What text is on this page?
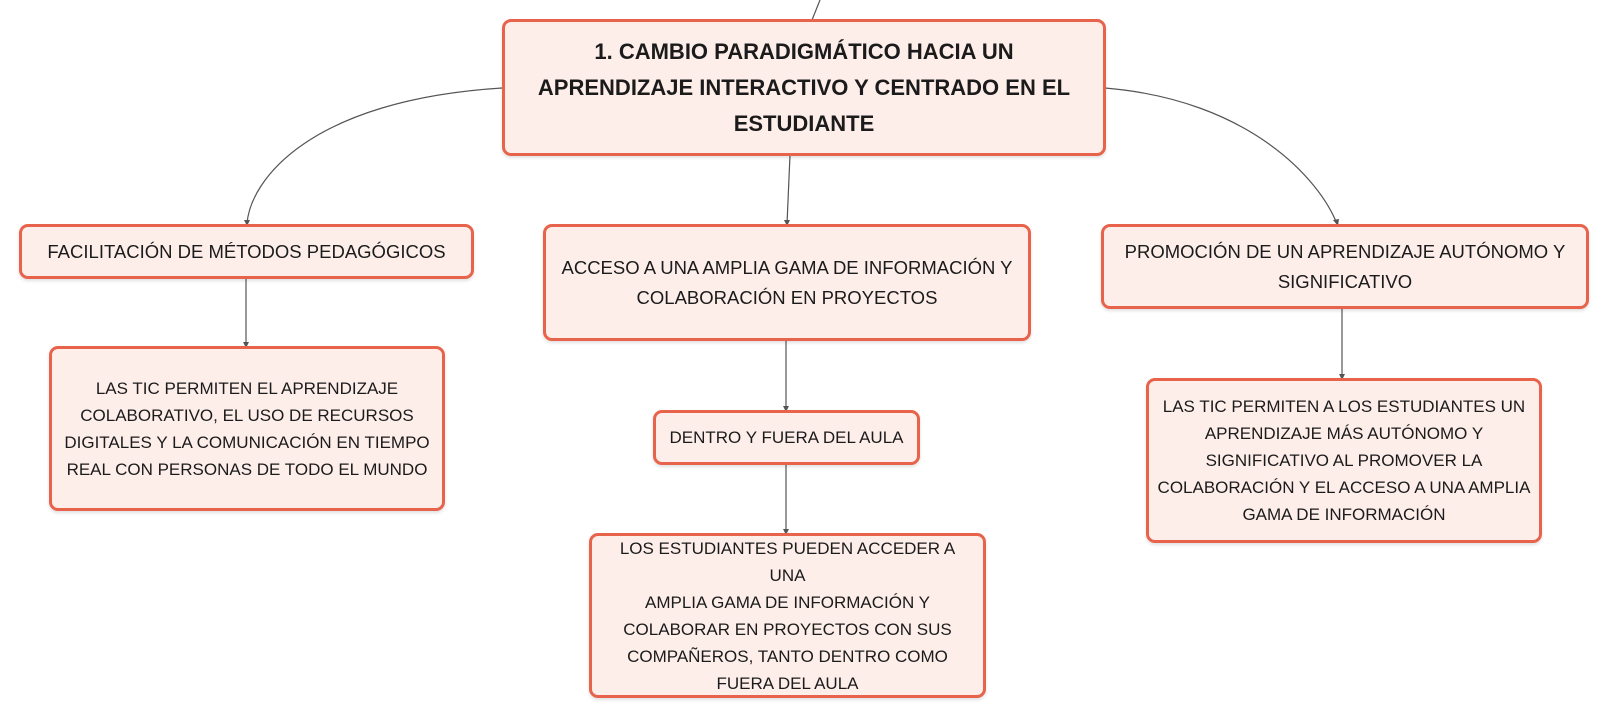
1. CAMBIO PARADIGMÁTICO HACIA UN
APRENDIZAJE INTERACTIVO Y CENTRADO EN EL
ESTUDIANTE
FACILITACIÓN DE MÉTODOS PEDAGÓGICOS
ACCESO A UNA AMPLIA GAMA DE INFORMACIÓN Y
COLABORACIÓN EN PROYECTOS
PROMOCIÓN DE UN APRENDIZAJE AUTÓNOMO Y
SIGNIFICATIVO
LAS TIC PERMITEN EL APRENDIZAJE
COLABORATIVO, EL USO DE RECURSOS
DIGITALES Y LA COMUNICACIÓN EN TIEMPO
REAL CON PERSONAS DE TODO EL MUNDO
DENTRO Y FUERA DEL AULA
LOS ESTUDIANTES PUEDEN ACCEDER A UNA
AMPLIA GAMA DE INFORMACIÓN Y
COLABORAR EN PROYECTOS CON SUS
COMPAÑEROS, TANTO DENTRO COMO
FUERA DEL AULA
LAS TIC PERMITEN A LOS ESTUDIANTES UN
APRENDIZAJE MÁS AUTÓNOMO Y
SIGNIFICATIVO AL PROMOVER LA
COLABORACIÓN Y EL ACCESO A UNA AMPLIA
GAMA DE INFORMACIÓN
